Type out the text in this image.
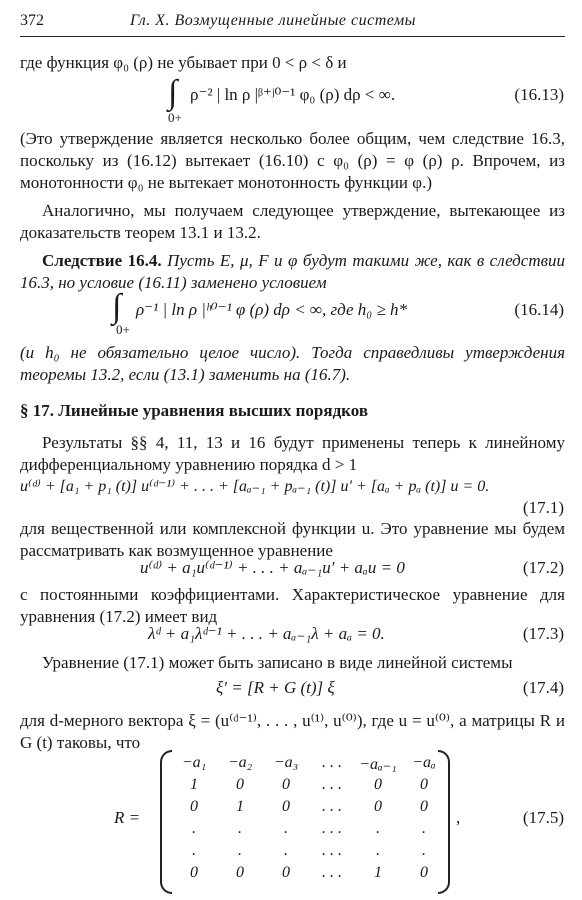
372	Гл. X. Возмущенные линейные системы
где функция φ₀ (ρ) не убывает при 0 < ρ < δ и
∫
0+
ρ⁻² | ln ρ |ᵝ⁺ʲ⁰⁻¹ φ₀ (ρ) dρ < ∞.	(16.13)
(Это утверждение является несколько более общим, чем следствие 16.3, поскольку из (16.12) вытекает (16.10) с φ₀ (ρ) = φ (ρ) ρ. Впрочем, из монотонности φ₀ не вытекает монотонность функции φ.)
Аналогично, мы получаем следующее утверждение, вытекающее из доказательств теорем 13.1 и 13.2.
Следствие 16.4. Пусть E, μ, F и φ будут такими же, как в следствии 16.3, но условие (16.11) заменено условием
∫
0+
ρ⁻¹ | ln ρ |ʰ⁰⁻¹ φ (ρ) dρ < ∞, где h₀ ≥ h*	(16.14)
(и h₀ не обязательно целое число). Тогда справедливы утверждения теоремы 13.2, если (13.1) заменить на (16.7).
§ 17. Линейные уравнения высших порядков
Результаты §§ 4, 11, 13 и 16 будут применены теперь к линейному дифференциальному уравнению порядка d > 1
u⁽ᵈ⁾ + [a₁ + p₁ (t)] u⁽ᵈ⁻¹⁾ + . . . + [aₐ₋₁ + pₐ₋₁ (t)] u′ + [aₐ + pₐ (t)] u = 0.
(17.1)
для вещественной или комплексной функции u. Это уравнение мы будем рассматривать как возмущенное уравнение
u⁽ᵈ⁾ + a₁u⁽ᵈ⁻¹⁾ + . . . + aₐ₋₁u′ + aₐu = 0	(17.2)
с постоянными коэффициентами. Характеристическое уравнение для уравнения (17.2) имеет вид
λᵈ + a₁λᵈ⁻¹ + . . . + aₐ₋₁λ + aₐ = 0.	(17.3)
Уравнение (17.1) может быть записано в виде линейной системы
ξ′ = [R + G (t)] ξ	(17.4)
для d-мерного вектора ξ = (u⁽ᵈ⁻¹⁾, . . . , u⁽¹⁾, u⁽⁰⁾), где u = u⁽⁰⁾, а матрицы R и G (t) таковы, что
R =
−a₁	−a₂	−a₃	. . .	−aₐ₋₁ −aₐ
1	0	0	. . .	0	0
0	1	0	. . .	0	0
.	.	.	. . .	.	.
.	.	.	. . .	.	.
0	0	0	. . .	1	0
,	(17.5)
